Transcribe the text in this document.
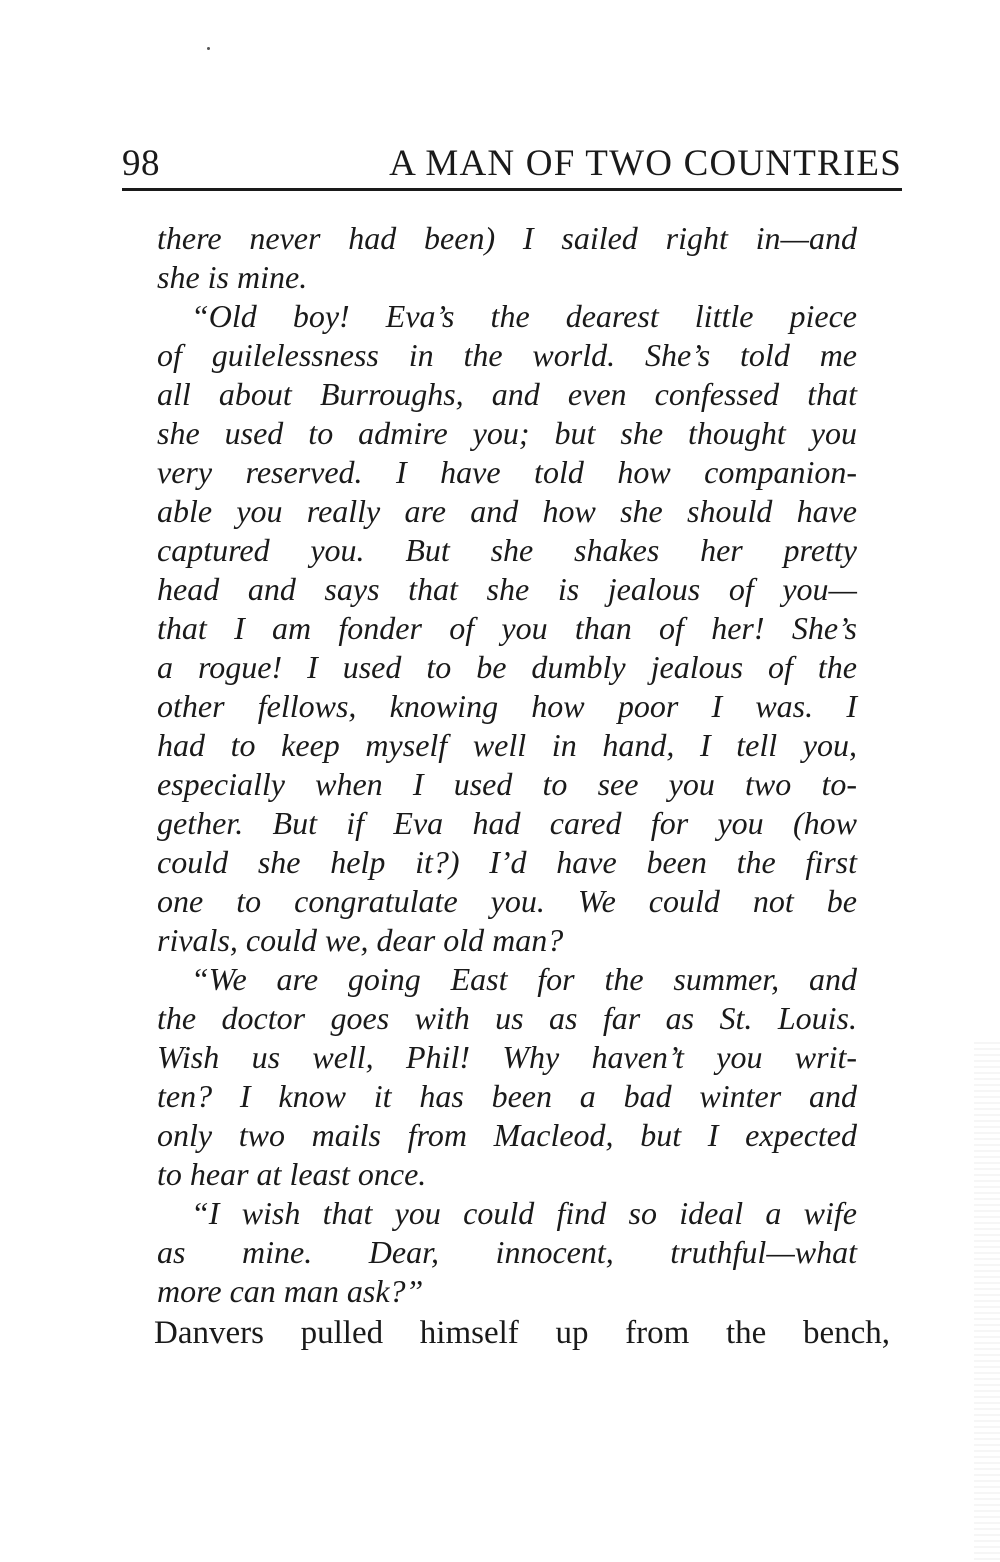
98	A MAN OF TWO COUNTRIES
there never had been) I sailed right in—and
she is mine.
“Old boy! Eva’s the dearest little piece
of guilelessness in the world. She’s told me
all about Burroughs, and even confessed that
she used to admire you; but she thought you
very reserved. I have told how companion-
able you really are and how she should have
captured you. But she shakes her pretty
head and says that she is jealous of you—
that I am fonder of you than of her! She’s
a rogue! I used to be dumbly jealous of the
other fellows, knowing how poor I was. I
had to keep myself well in hand, I tell you,
especially when I used to see you two to-
gether. But if Eva had cared for you (how
could she help it?) I’d have been the first
one to congratulate you. We could not be
rivals, could we, dear old man?
“We are going East for the summer, and
the doctor goes with us as far as St. Louis.
Wish us well, Phil! Why haven’t you writ-
ten? I know it has been a bad winter and
only two mails from Macleod, but I expected
to hear at least once.
“I wish that you could find so ideal a wife
as mine. Dear, innocent, truthful—what
more can man ask?”
Danvers pulled himself up from the bench,
